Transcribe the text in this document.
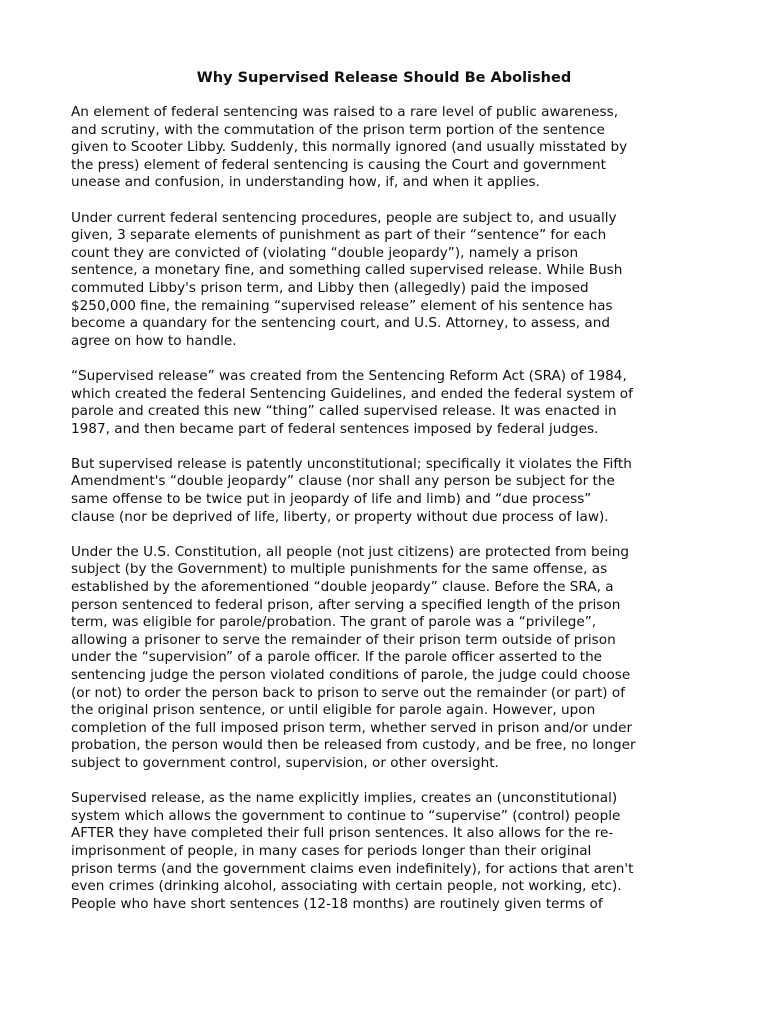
Why Supervised Release Should Be Abolished

An element of federal sentencing was raised to a rare level of public awareness,
and scrutiny, with the commutation of the prison term portion of the sentence
given to Scooter Libby. Suddenly, this normally ignored (and usually misstated by
the press) element of federal sentencing is causing the Court and government
unease and confusion, in understanding how, if, and when it applies.

Under current federal sentencing procedures, people are subject to, and usually
given, 3 separate elements of punishment as part of their “sentence” for each
count they are convicted of (violating “double jeopardy”), namely a prison
sentence, a monetary fine, and something called supervised release. While Bush
commuted Libby's prison term, and Libby then (allegedly) paid the imposed
$250,000 fine, the remaining “supervised release” element of his sentence has
become a quandary for the sentencing court, and U.S. Attorney, to assess, and
agree on how to handle.

“Supervised release” was created from the Sentencing Reform Act (SRA) of 1984,
which created the federal Sentencing Guidelines, and ended the federal system of
parole and created this new “thing” called supervised release. It was enacted in
1987, and then became part of federal sentences imposed by federal judges.

But supervised release is patently unconstitutional; specifically it violates the Fifth
Amendment's “double jeopardy” clause (nor shall any person be subject for the
same offense to be twice put in jeopardy of life and limb) and “due process”
clause (nor be deprived of life, liberty, or property without due process of law).

Under the U.S. Constitution, all people (not just citizens) are protected from being
subject (by the Government) to multiple punishments for the same offense, as
established by the aforementioned “double jeopardy” clause. Before the SRA, a
person sentenced to federal prison, after serving a specified length of the prison
term, was eligible for parole/probation. The grant of parole was a “privilege”,
allowing a prisoner to serve the remainder of their prison term outside of prison
under the “supervision” of a parole officer. If the parole officer asserted to the
sentencing judge the person violated conditions of parole, the judge could choose
(or not) to order the person back to prison to serve out the remainder (or part) of
the original prison sentence, or until eligible for parole again. However, upon
completion of the full imposed prison term, whether served in prison and/or under
probation, the person would then be released from custody, and be free, no longer
subject to government control, supervision, or other oversight.

Supervised release, as the name explicitly implies, creates an (unconstitutional)
system which allows the government to continue to “supervise” (control) people
AFTER they have completed their full prison sentences. It also allows for the re-
imprisonment of people, in many cases for periods longer than their original
prison terms (and the government claims even indefinitely), for actions that aren't
even crimes (drinking alcohol, associating with certain people, not working, etc).
People who have short sentences (12-18 months) are routinely given terms of
